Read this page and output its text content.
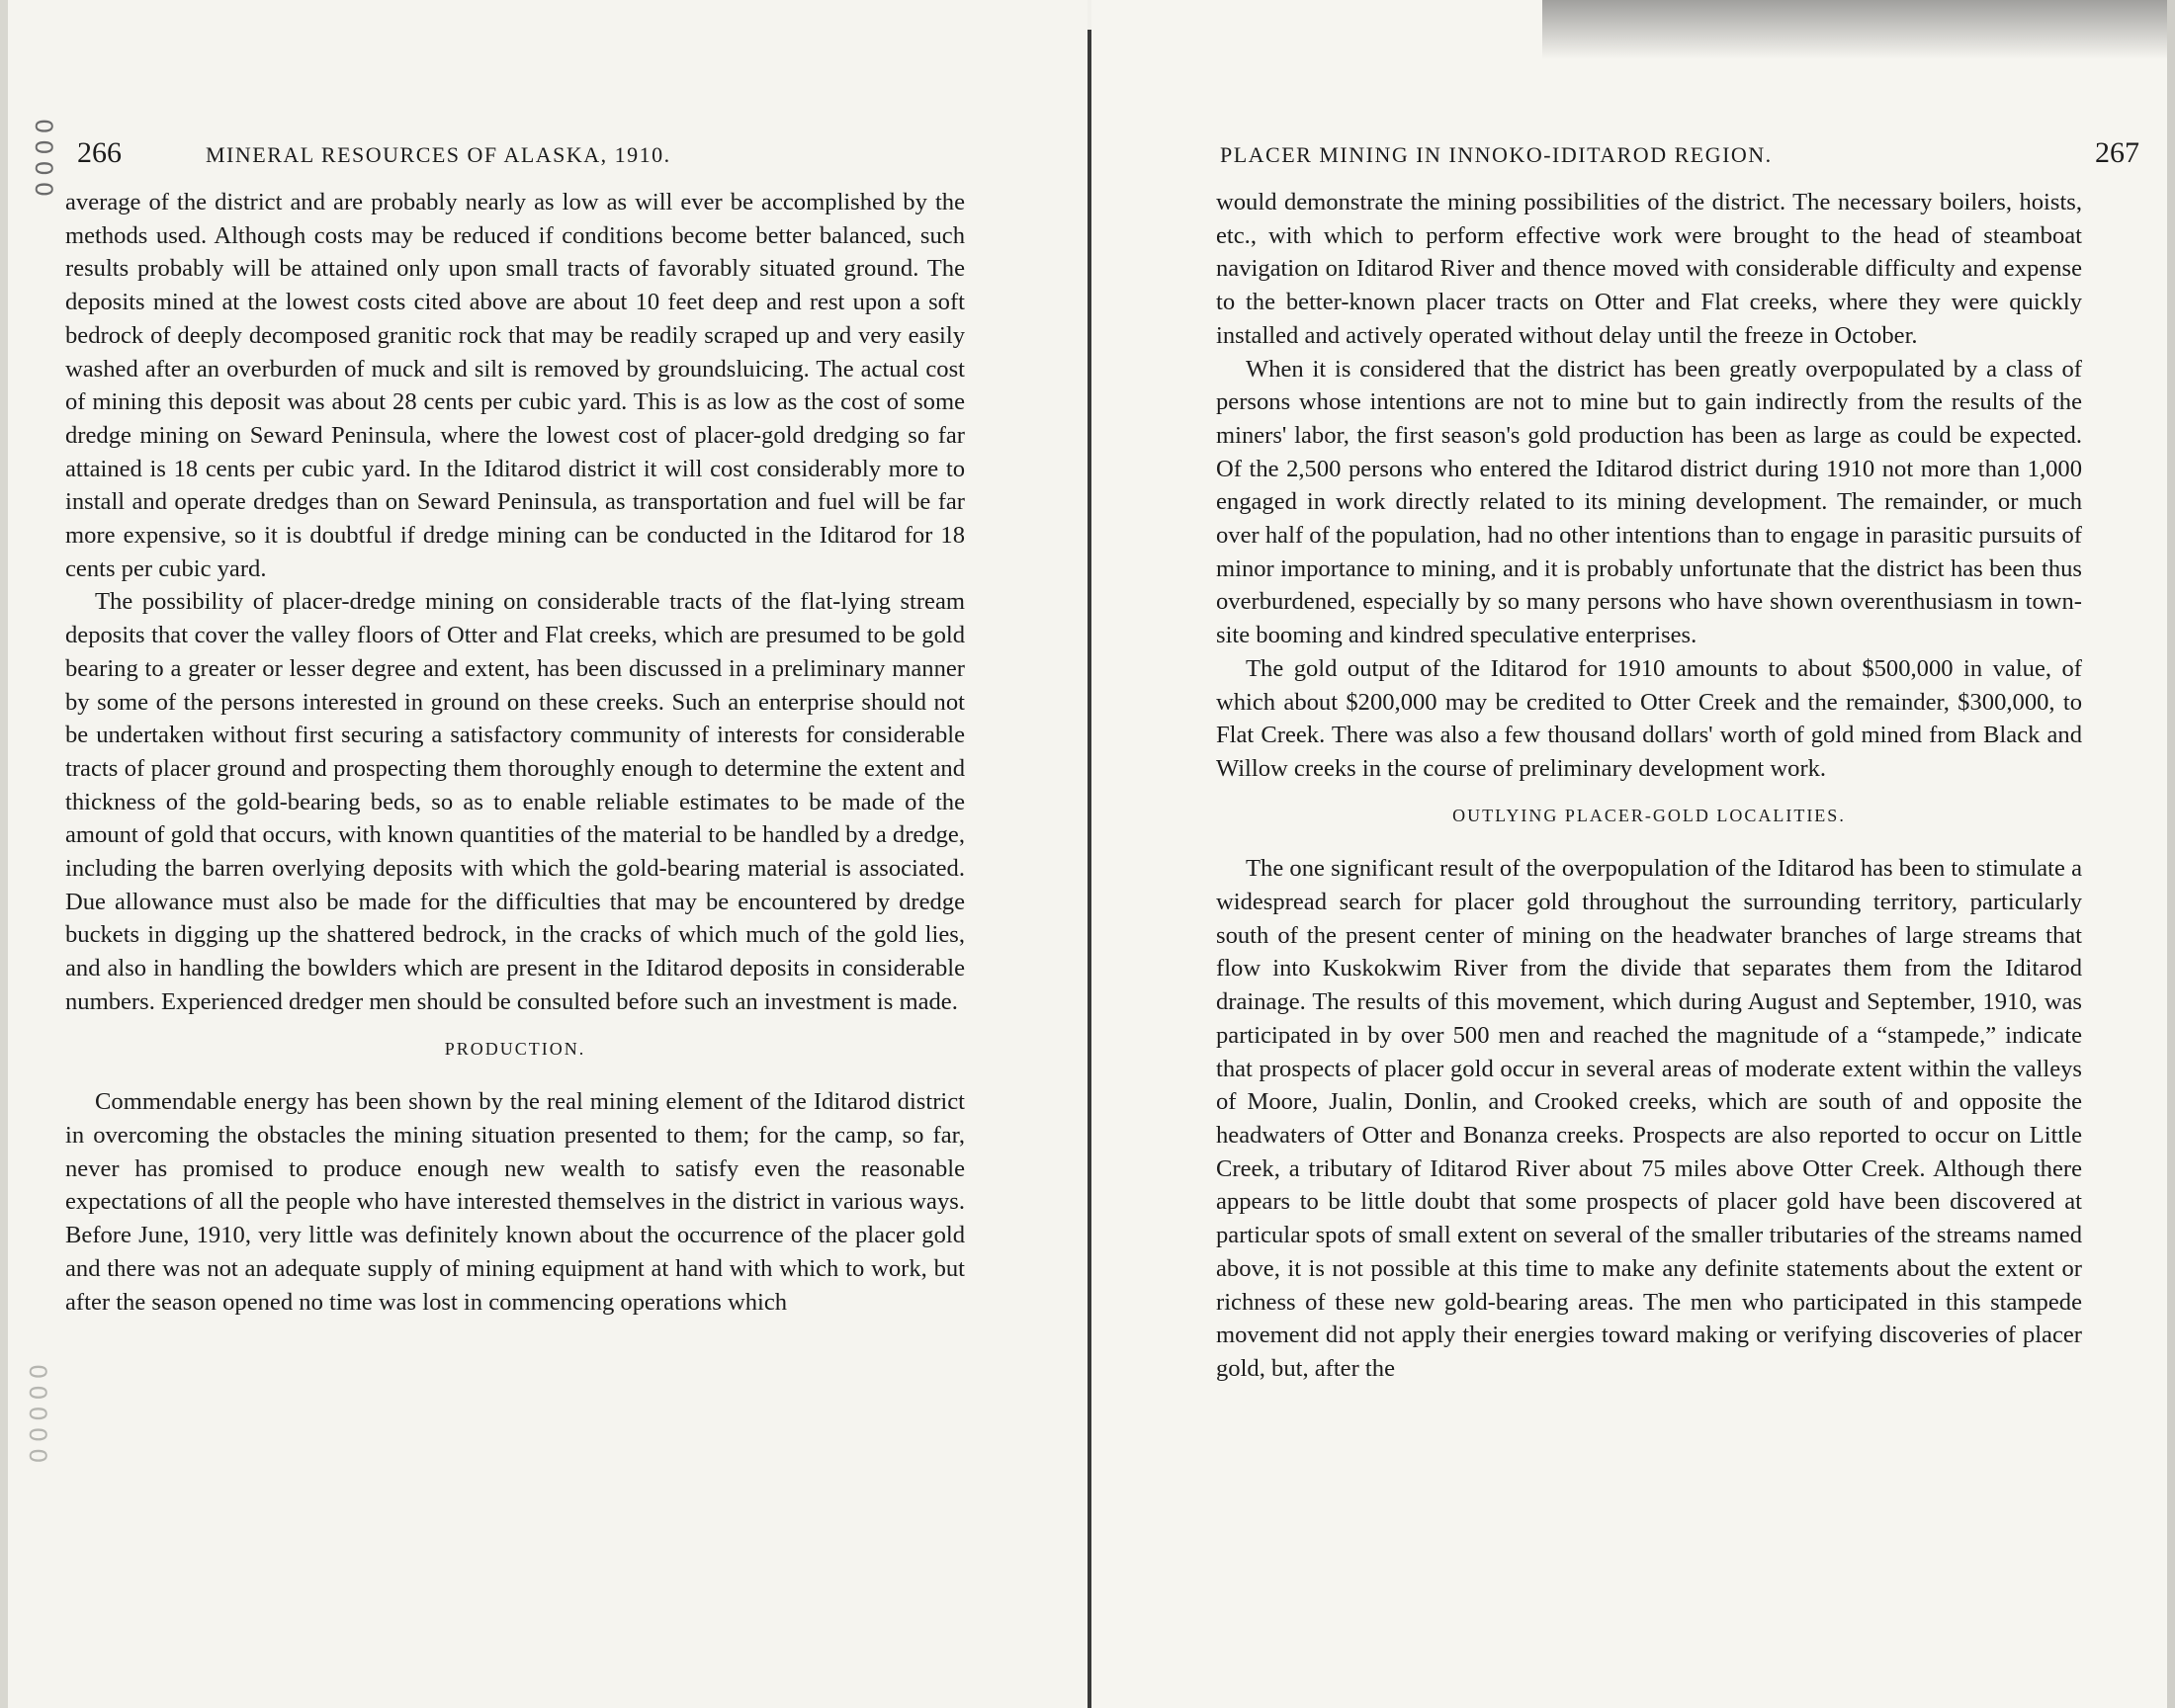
0000
00000
266	MINERAL RESOURCES OF ALASKA, 1910.

average of the district and are probably nearly as low as will ever be accomplished by the methods used. Although costs may be reduced if conditions become better balanced, such results probably will be attained only upon small tracts of favorably situated ground. The deposits mined at the lowest costs cited above are about 10 feet deep and rest upon a soft bedrock of deeply decomposed granitic rock that may be readily scraped up and very easily washed after an overburden of muck and silt is removed by groundsluicing. The actual cost of mining this deposit was about 28 cents per cubic yard. This is as low as the cost of some dredge mining on Seward Peninsula, where the lowest cost of placer-gold dredging so far attained is 18 cents per cubic yard. In the Iditarod district it will cost considerably more to install and operate dredges than on Seward Peninsula, as transportation and fuel will be far more expensive, so it is doubtful if dredge mining can be conducted in the Iditarod for 18 cents per cubic yard.

The possibility of placer-dredge mining on considerable tracts of the flat-lying stream deposits that cover the valley floors of Otter and Flat creeks, which are presumed to be gold bearing to a greater or lesser degree and extent, has been discussed in a preliminary manner by some of the persons interested in ground on these creeks. Such an enterprise should not be undertaken without first securing a satisfactory community of interests for considerable tracts of placer ground and prospecting them thoroughly enough to determine the extent and thickness of the gold-bearing beds, so as to enable reliable estimates to be made of the amount of gold that occurs, with known quantities of the material to be handled by a dredge, including the barren overlying deposits with which the gold-bearing material is associated. Due allowance must also be made for the difficulties that may be encountered by dredge buckets in digging up the shattered bedrock, in the cracks of which much of the gold lies, and also in handling the bowlders which are present in the Iditarod deposits in considerable numbers. Experienced dredger men should be consulted before such an investment is made.

PRODUCTION.

Commendable energy has been shown by the real mining element of the Iditarod district in overcoming the obstacles the mining situation presented to them; for the camp, so far, never has promised to produce enough new wealth to satisfy even the reasonable expectations of all the people who have interested themselves in the district in various ways. Before June, 1910, very little was definitely known about the occurrence of the placer gold and there was not an adequate supply of mining equipment at hand with which to work, but after the season opened no time was lost in commencing operations which

PLACER MINING IN INNOKO-IDITAROD REGION.	267

would demonstrate the mining possibilities of the district. The necessary boilers, hoists, etc., with which to perform effective work were brought to the head of steamboat navigation on Iditarod River and thence moved with considerable difficulty and expense to the better-known placer tracts on Otter and Flat creeks, where they were quickly installed and actively operated without delay until the freeze in October.

When it is considered that the district has been greatly overpopulated by a class of persons whose intentions are not to mine but to gain indirectly from the results of the miners' labor, the first season's gold production has been as large as could be expected. Of the 2,500 persons who entered the Iditarod district during 1910 not more than 1,000 engaged in work directly related to its mining development. The remainder, or much over half of the population, had no other intentions than to engage in parasitic pursuits of minor importance to mining, and it is probably unfortunate that the district has been thus overburdened, especially by so many persons who have shown overenthusiasm in town-site booming and kindred speculative enterprises.

The gold output of the Iditarod for 1910 amounts to about $500,000 in value, of which about $200,000 may be credited to Otter Creek and the remainder, $300,000, to Flat Creek. There was also a few thousand dollars' worth of gold mined from Black and Willow creeks in the course of preliminary development work.

OUTLYING PLACER-GOLD LOCALITIES.

The one significant result of the overpopulation of the Iditarod has been to stimulate a widespread search for placer gold throughout the surrounding territory, particularly south of the present center of mining on the headwater branches of large streams that flow into Kuskokwim River from the divide that separates them from the Iditarod drainage. The results of this movement, which during August and September, 1910, was participated in by over 500 men and reached the magnitude of a “stampede,” indicate that prospects of placer gold occur in several areas of moderate extent within the valleys of Moore, Jualin, Donlin, and Crooked creeks, which are south of and opposite the headwaters of Otter and Bonanza creeks. Prospects are also reported to occur on Little Creek, a tributary of Iditarod River about 75 miles above Otter Creek. Although there appears to be little doubt that some prospects of placer gold have been discovered at particular spots of small extent on several of the smaller tributaries of the streams named above, it is not possible at this time to make any definite statements about the extent or richness of these new gold-bearing areas. The men who participated in this stampede movement did not apply their energies toward making or verifying discoveries of placer gold, but, after the
